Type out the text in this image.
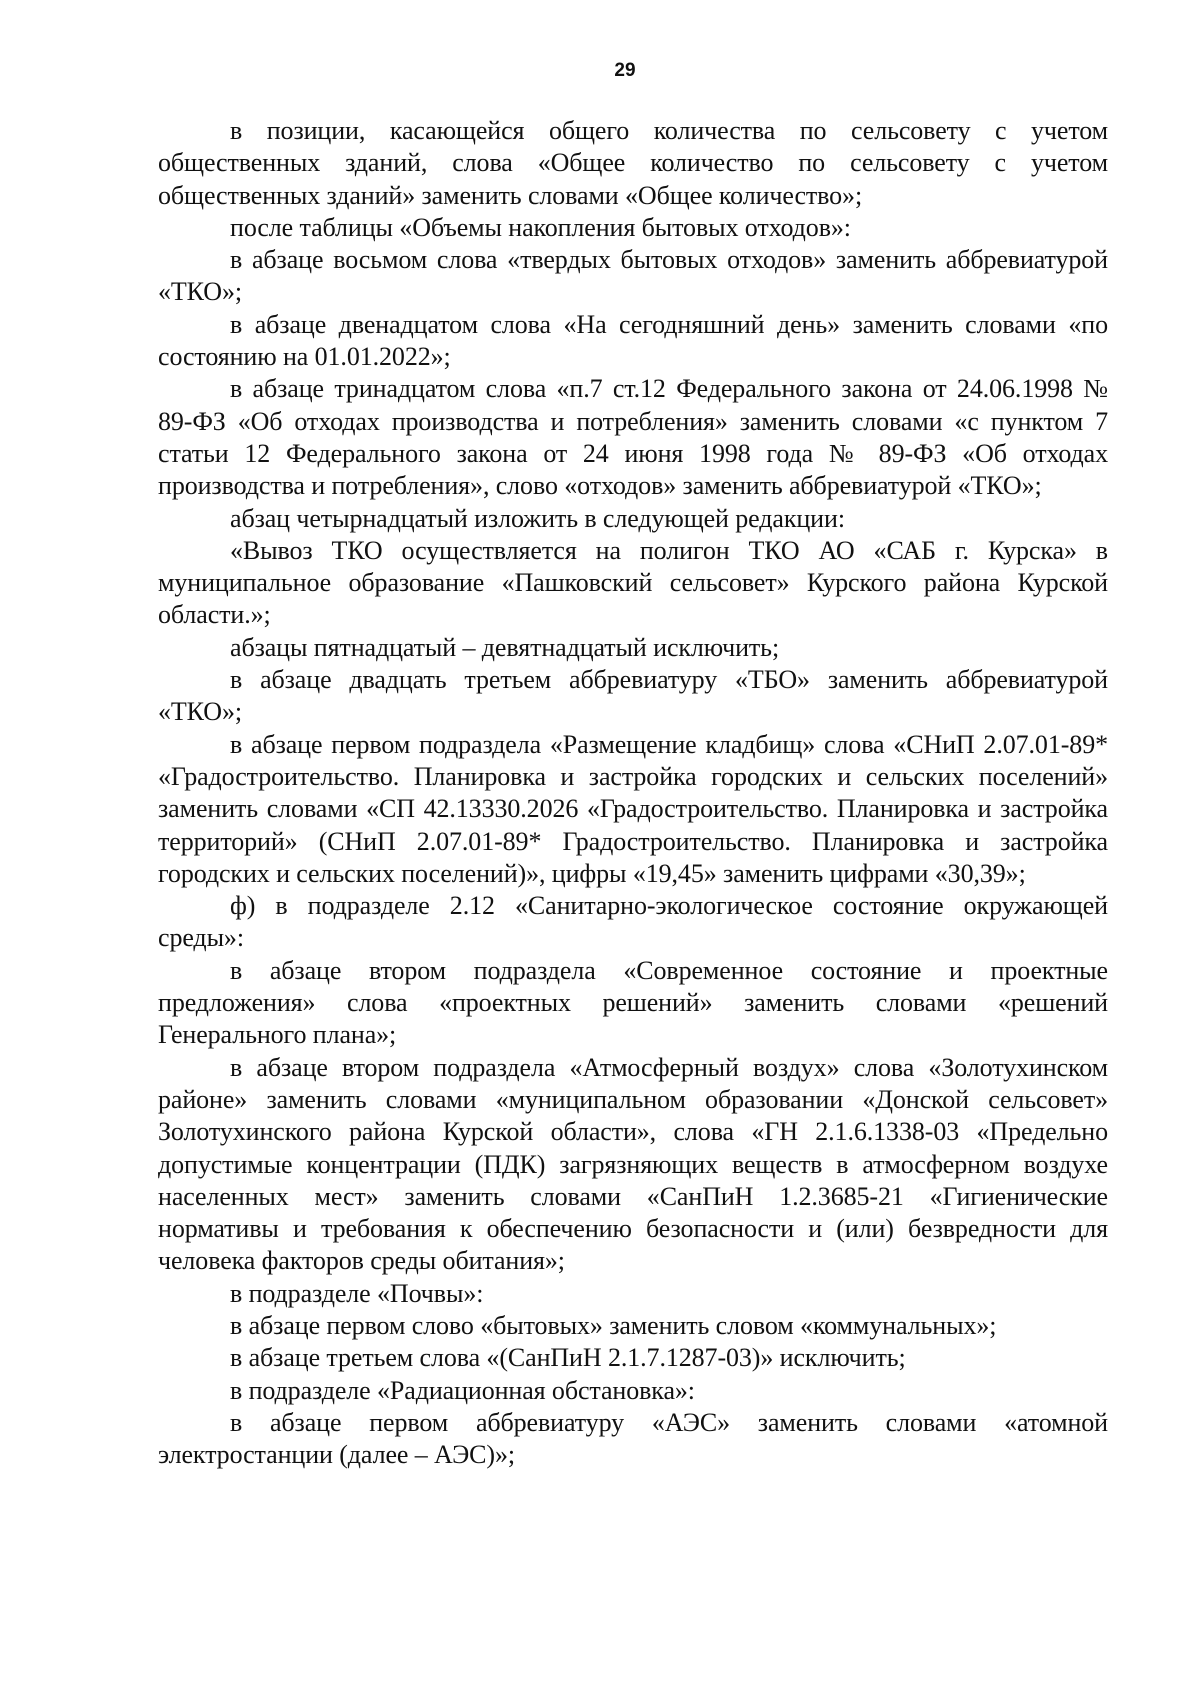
29

в позиции, касающейся общего количества по сельсовету с учетом общественных зданий, слова «Общее количество по сельсовету с учетом общественных зданий» заменить словами «Общее количество»;

после таблицы «Объемы накопления бытовых отходов»:

в абзаце восьмом слова «твердых бытовых отходов» заменить аббревиатурой «ТКО»;

в абзаце двенадцатом слова «На сегодняшний день» заменить словами «по состоянию на 01.01.2022»;

в абзаце тринадцатом слова «п.7 ст.12 Федерального закона от 24.06.1998 № 89-ФЗ «Об отходах производства и потребления» заменить словами «с пунктом 7 статьи 12 Федерального закона от 24 июня 1998 года № 89-ФЗ «Об отходах производства и потребления», слово «отходов» заменить аббревиатурой «ТКО»;

абзац четырнадцатый изложить в следующей редакции:

«Вывоз ТКО осуществляется на полигон ТКО АО «САБ г. Курска» в муниципальное образование «Пашковский сельсовет» Курского района Курской области.»;

абзацы пятнадцатый – девятнадцатый исключить;

в абзаце двадцать третьем аббревиатуру «ТБО» заменить аббревиатурой «ТКО»;

в абзаце первом подраздела «Размещение кладбищ» слова «СНиП 2.07.01-89* «Градостроительство. Планировка и застройка городских и сельских поселений» заменить словами «СП 42.13330.2026 «Градостроительство. Планировка и застройка территорий» (СНиП 2.07.01-89* Градостроительство. Планировка и застройка городских и сельских поселений)», цифры «19,45» заменить цифрами «30,39»;

ф) в подразделе 2.12 «Санитарно-экологическое состояние окружающей среды»:

в абзаце втором подраздела «Современное состояние и проектные предложения» слова «проектных решений» заменить словами «решений Генерального плана»;

в абзаце втором подраздела «Атмосферный воздух» слова «Золотухинском районе» заменить словами «муниципальном образовании «Донской сельсовет» Золотухинского района Курской области», слова «ГН 2.1.6.1338-03 «Предельно допустимые концентрации (ПДК) загрязняющих веществ в атмосферном воздухе населенных мест» заменить словами «СанПиН 1.2.3685-21 «Гигиенические нормативы и требования к обеспечению безопасности и (или) безвредности для человека факторов среды обитания»;

в подразделе «Почвы»:

в абзаце первом слово «бытовых» заменить словом «коммунальных»;

в абзаце третьем слова «(СанПиН 2.1.7.1287-03)» исключить;

в подразделе «Радиационная обстановка»:

в абзаце первом аббревиатуру «АЭС» заменить словами «атомной электростанции (далее – АЭС)»;
